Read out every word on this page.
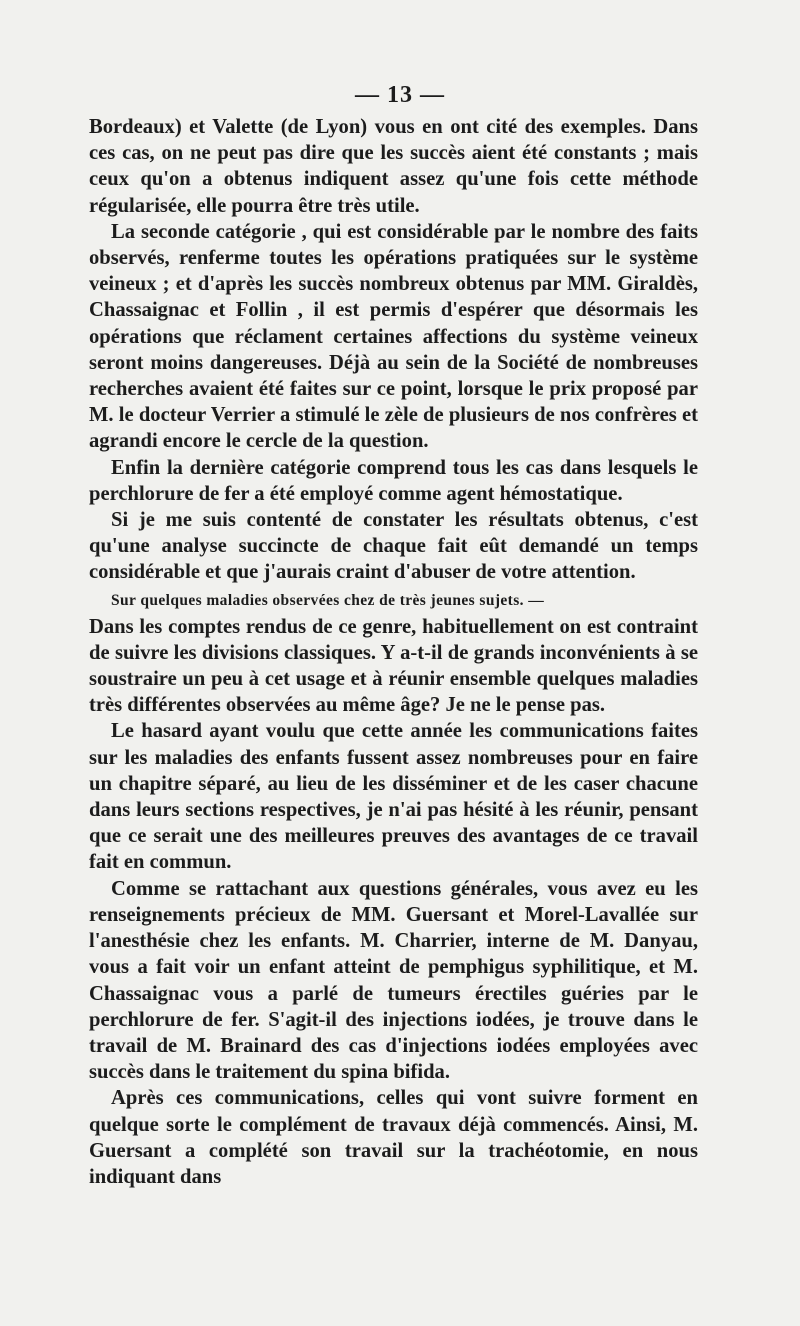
— 13 —

Bordeaux) et Valette (de Lyon) vous en ont cité des exemples. Dans ces cas, on ne peut pas dire que les succès aient été constants ; mais ceux qu'on a obtenus indiquent assez qu'une fois cette méthode régularisée, elle pourra être très utile.

La seconde catégorie , qui est considérable par le nombre des faits observés, renferme toutes les opérations pratiquées sur le système veineux ; et d'après les succès nombreux obtenus par MM. Giraldès, Chassaignac et Follin , il est permis d'espérer que désormais les opérations que réclament certaines affections du système veineux seront moins dangereuses. Déjà au sein de la Société de nombreuses recherches avaient été faites sur ce point, lorsque le prix proposé par M. le docteur Verrier a stimulé le zèle de plusieurs de nos confrères et agrandi encore le cercle de la question.

Enfin la dernière catégorie comprend tous les cas dans lesquels le perchlorure de fer a été employé comme agent hémostatique.

Si je me suis contenté de constater les résultats obtenus, c'est qu'une analyse succincte de chaque fait eût demandé un temps considérable et que j'aurais craint d'abuser de votre attention.

Sur quelques maladies observées chez de très jeunes sujets. —

Dans les comptes rendus de ce genre, habituellement on est contraint de suivre les divisions classiques. Y a-t-il de grands inconvénients à se soustraire un peu à cet usage et à réunir ensemble quelques maladies très différentes observées au même âge? Je ne le pense pas.

Le hasard ayant voulu que cette année les communications faites sur les maladies des enfants fussent assez nombreuses pour en faire un chapitre séparé, au lieu de les disséminer et de les caser chacune dans leurs sections respectives, je n'ai pas hésité à les réunir, pensant que ce serait une des meilleures preuves des avantages de ce travail fait en commun.

Comme se rattachant aux questions générales, vous avez eu les renseignements précieux de MM. Guersant et Morel-Lavallée sur l'anesthésie chez les enfants. M. Charrier, interne de M. Danyau, vous a fait voir un enfant atteint de pemphigus syphilitique, et M. Chassaignac vous a parlé de tumeurs érectiles guéries par le perchlorure de fer. S'agit-il des injections iodées, je trouve dans le travail de M. Brainard des cas d'injections iodées employées avec succès dans le traitement du spina bifida.

Après ces communications, celles qui vont suivre forment en quelque sorte le complément de travaux déjà commencés. Ainsi, M. Guersant a complété son travail sur la trachéotomie, en nous indiquant dans
